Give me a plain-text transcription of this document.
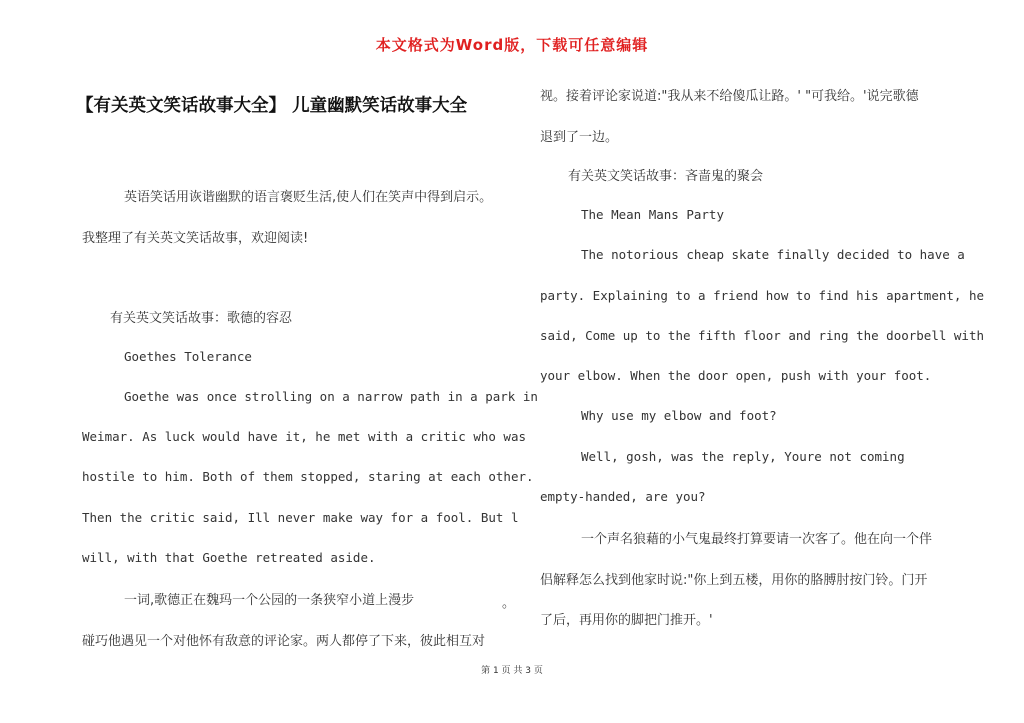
本文格式为Word版，下载可任意编辑
【有关英文笑话故事大全】 儿童幽默笑话故事大全
英语笑话用诙谐幽默的语言褒贬生活,使人们在笑声中得到启示。
我整理了有关英文笑话故事，欢迎阅读!
有关英文笑话故事：歌德的容忍
Goethes Tolerance
Goethe was once strolling on a narrow path in a park in
Weimar. As luck would have it, he met with a critic who was
hostile to him. Both of them stopped, staring at each other.
Then the critic said, Ill never make way for a fool. But l
will, with that Goethe retreated aside.
一词,歌德正在魏玛一个公园的一条狭窄小道上漫步	。
碰巧他遇见一个对他怀有敌意的评论家。两人都停了下来，彼此相互对
视。接着评论家说道:"我从来不给傻瓜让路。' "可我给。'说完歌德
退到了一边。
有关英文笑话故事：吝啬鬼的聚会
The Mean Mans Party
The notorious cheap skate finally decided to have a
party. Explaining to a friend how to find his apartment, he
said, Come up to the fifth floor and ring the doorbell with
your elbow. When the door open, push with your foot.
Why use my elbow and foot?
Well, gosh, was the reply, Youre not coming
empty-handed, are you?
一个声名狼藉的小气鬼最终打算要请一次客了。他在向一个伴
侣解释怎么找到他家时说:"你上到五楼，用你的胳膊肘按门铃。门开
了后，再用你的脚把门推开。'
第 1 页 共 3 页
